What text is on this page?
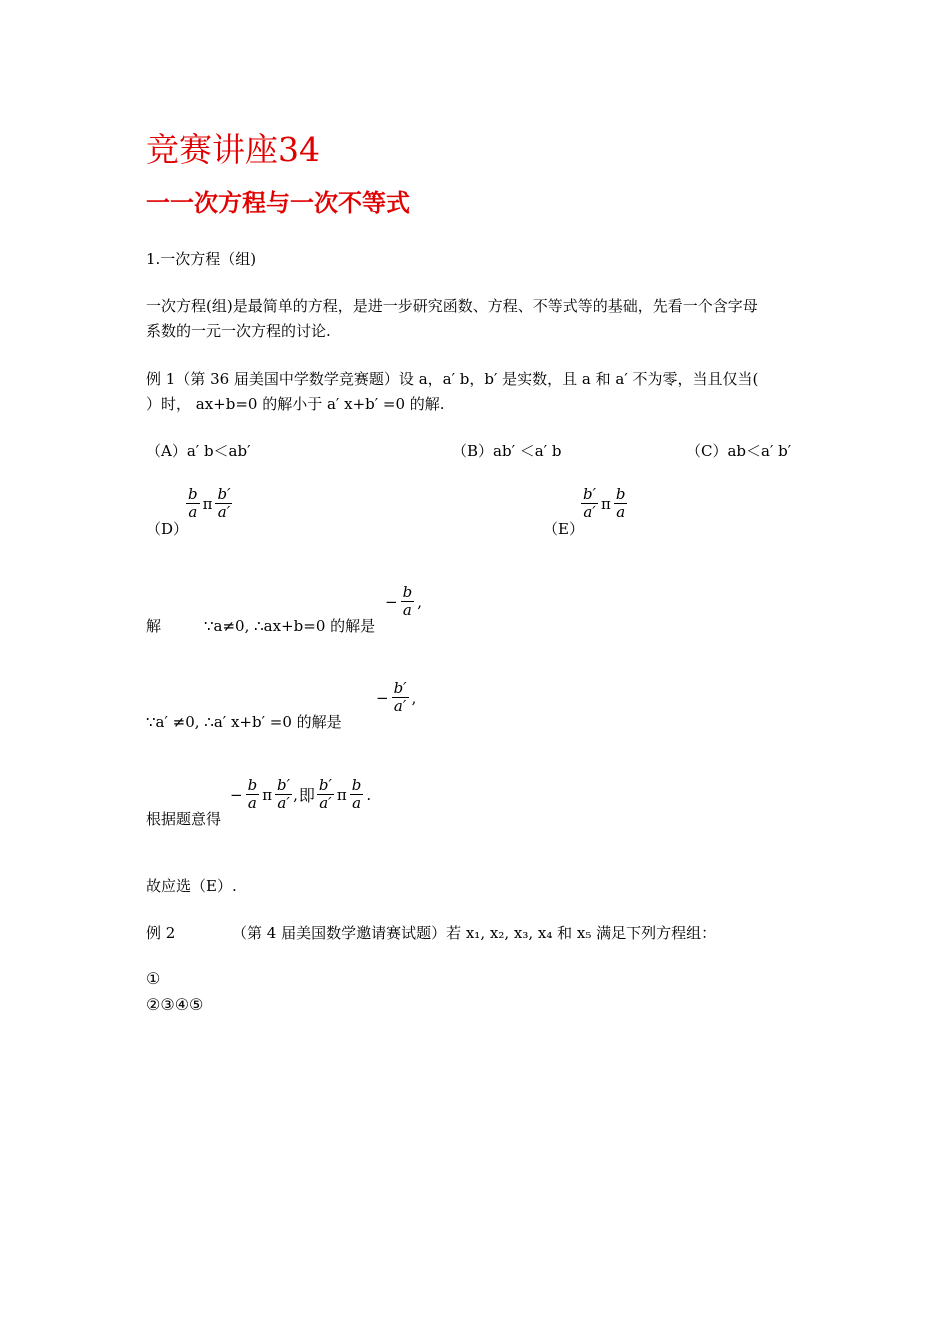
竞赛讲座34
一一次方程与一次不等式
1.一次方程（组)
一次方程(组)是最简单的方程，是进一步研究函数、方程、不等式等的基础，先看一个含字母
系数的一元一次方程的讨论.
例 1（第 36 届美国中学数学竞赛题）设 a，a′ b，b′ 是实数，且 a 和 a′ 不为零，当且仅当(
）时， ax+b=0 的解小于 a′ x+b′ =0 的解.
（A）a′ b＜ab′	（B）ab′ ＜a′ b	（C）ab＜a′ b′
（D）
$\frac{b}{a}$ π $\frac{b'}{a'}$
（E）
$\frac{b'}{a'}$ π $\frac{b}{a}$
解	∵a≠0, ∴ax+b=0 的解是
− $\frac{b}{a}$ ,
∵a′ ≠0, ∴a′ x+b′ =0 的解是
− $\frac{b'}{a'}$ ,
根据题意得
− $\frac{b}{a}$ π $\frac{b'}{a'}$ , 即 $\frac{b'}{a'}$ π $\frac{b}{a}$ .
故应选（E）.
例 2	（第 4 届美国数学邀请赛试题）若 x₁, x₂, x₃, x₄ 和 x₅ 满足下列方程组：
①
②③④⑤
